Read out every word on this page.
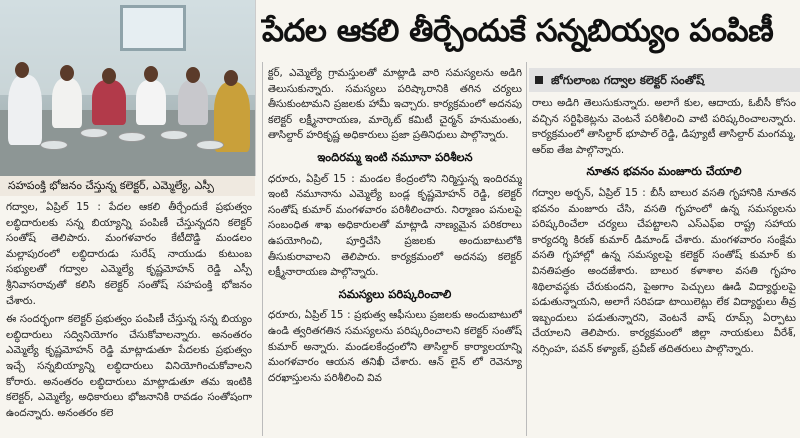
సహపంక్తి భోజనం చేస్తున్న కలెక్టర్, ఎమ్మెల్యే, ఎస్పీ
పేదల ఆకలి తీర్చేందుకే సన్నబియ్యం పంపిణీ
జోగులాంబ గద్వాల కలెక్టర్ సంతోష్

గద్వాల, ఏప్రిల్ 15 : పేదల ఆకలి తీర్చేందుకే ప్రభుత్వం లబ్ధిదారులకు సన్న బియ్యాన్ని పంపిణీ చేస్తున్నదని కలెక్టర్ సంతోష్ తెలిపారు. మంగళవారం కేటీదొడ్డి మండలం మల్లాపురంలో లబ్ధిదారుడు సురేష్ నాయుడు కుటుంబ సభ్యులతో గద్వాల ఎమ్మెల్యే కృష్ణమోహన్ రెడ్డి ఎస్పీ శ్రీనివాసరావుతో కలిసి కలెక్టర్ సంతోష్ సహపంక్తి భోజనం చేశారు.

ఈ సందర్భంగా కలెక్టర్ ప్రభుత్వం పంపిణీ చేస్తున్న సన్న బియ్యం లబ్ధిదారులు సద్వినియోగం చేసుకోవాలన్నారు. అనంతరం ఎమ్మెల్యే కృష్ణమోహన్ రెడ్డి మాట్లాడుతూ పేదలకు ప్రభుత్వం ఇచ్చే సన్నబియ్యాన్ని లబ్ధిదారులు వినియోగించుకోవాలని కోరారు. అనంతరం లబ్ధిదారులు మాట్లాడుతూ తమ ఇంటికి కలెక్టర్, ఎమ్మెల్యే, అధికారులు భోజనానికి రావడం సంతోషంగా ఉందన్నారు. అనంతరం కలె

క్టర్, ఎమ్మెల్యే గ్రామస్తులతో మాట్లాడి వారి సమస్యలను అడిగి తెలుసుకున్నారు. సమస్యలు పరిష్కారానికి తగిన చర్యలు తీసుకుంటామని ప్రజలకు హామీ ఇచ్చారు. కార్యక్రమంలో అదనపు కలెక్టర్ లక్ష్మీనారాయణ, మార్కెట్ కమిటీ చైర్మన్ హనుమంతు, తాసిల్దార్ హరికృష్ణ అధికారులు ప్రజా ప్రతినిధులు పాల్గొన్నారు.

ఇందిరమ్మ ఇంటి నమూనా పరిశీలన

ధరూరు, ఏప్రిల్ 15 : మండల కేంద్రంలోని నిర్మిస్తున్న ఇందిరమ్మ ఇంటి నమూనాను ఎమ్మెల్యే బండ్ల కృష్ణమోహన్ రెడ్డి, కలెక్టర్ సంతోష్ కుమార్ మంగళవారం పరిశీలించారు. నిర్మాణం పనులపై సంబంధిత శాఖ అధికారులతో మాట్లాడి నాణ్యమైన పరికరాలు ఉపయోగించి, పూర్తిచేసి ప్రజలకు అందుబాటులోకి తీసుకురావాలని తెలిపారు. కార్యక్రమంలో అదనపు కలెక్టర్ లక్ష్మీనారాయణ పాల్గొన్నారు.

సమస్యలు పరిష్కరించాలి

ధరూరు, ఏప్రిల్ 15 : ప్రభుత్వ ఆఫీసులు ప్రజలకు అందుబాటులో ఉండి త్వరితగతిన సమస్యలను పరిష్కరించాలని కలెక్టర్ సంతోష్ కుమార్ అన్నారు. మండలకేంద్రంలోని తాసిల్దార్ కార్యాలయాన్ని మంగళవారం ఆయన తనిఖీ చేశారు. ఆన్ లైన్ లో రెవెన్యూ దరఖాస్తులను పరిశీలించి వివ

రాలు అడిగి తెలుసుకున్నారు. అలాగే కుల, ఆదాయ, ఓబీసీ కోసం వచ్చిన సర్టిఫికెట్లను వెంటనే పరిశీలించి వాటి పరిష్కరించాలన్నారు. కార్యక్రమంలో తాసిల్దార్ భూపాల్ రెడ్డి, డిప్యూటీ తాసిల్దార్ మంగమ్మ, ఆర్ఐ తేజ పాల్గొన్నారు.

నూతన భవనం మంజూరు చేయాలి

గద్వాల అర్బన్, ఏప్రిల్ 15 : బీసీ బాలుర వసతి గృహానికి నూతన భవనం మంజూరు చేసి, వసతి గృహంలో ఉన్న సమస్యలను పరిష్కరించేలా చర్యలు చేపట్టాలని ఎస్ఎఫ్ఐ రాష్ట్ర సహాయ కార్యదర్శి కిరణ్ కుమార్ డిమాండ్ చేశారు. మంగళవారం సంక్షేమ వసతి గృహాల్లో ఉన్న సమస్యలపై కలెక్టర్ సంతోష్ కుమార్ కు వినతిపత్రం అందజేశారు. బాలుర కళాశాల వసతి గృహం శిథిలావస్థకు చేరుకుందని, పైఅగాం పెచ్చులు ఊడి విద్యార్థులపై పడుతున్నాయని, అలాగే సరిపడా టాయిలెట్లు లేక విద్యార్థులు తీవ్ర ఇబ్బందులు పడుతున్నారని, వెంటనే వాష్ రూమ్స్ ఏర్పాటు చేయాలని తెలిపారు. కార్యక్రమంలో జిల్లా నాయకులు వీరేశ్, నర్సింహ, పవన్ కళ్యాణ్, ప్రవీణ్ తదితరులు పాల్గొన్నారు.
